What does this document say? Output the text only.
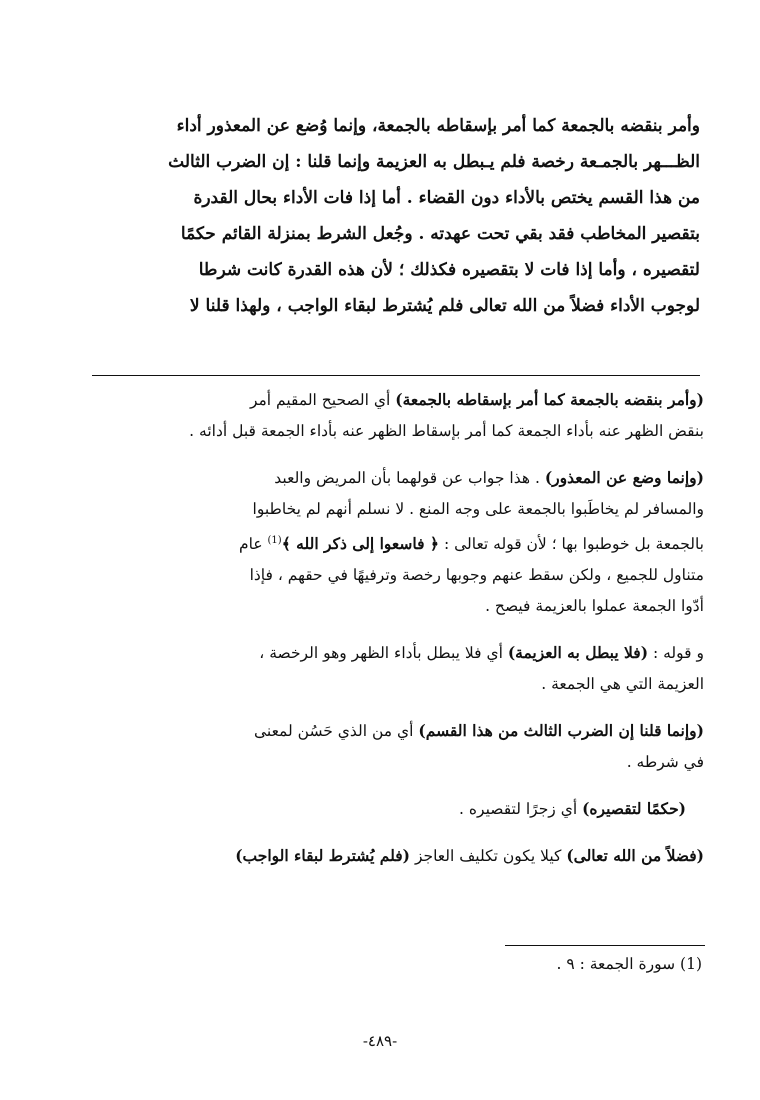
وأمر بنقضه بالجمعة كما أمر بإسقاطه بالجمعة، وإنما وُضع عن المعذور أداء
الظـــهر بالجمـعة رخصة فلم يـبطل به العزيمة وإنما قلنا : إن الضرب الثالث
من هذا القسم يختص بالأداء دون القضاء . أما إذا فات الأداء بحال القدرة
بتقصير المخاطب فقد بقي تحت عهدته . وجُعل الشرط بمنزلة القائم حكمًا
لتقصيره ، وأما إذا فات لا بتقصيره فكذلك ؛ لأن هذه القدرة كانت شرطا
لوجوب الأداء فضلاً من الله تعالى فلم يُشترط لبقاء الواجب ، ولهذا قلنا لا

(وأمر بنقضه بالجمعة كما أمر بإسقاطه بالجمعة) أي الصحيح المقيم أمر
بنقض الظهر عنه بأداء الجمعة كما أمر بإسقاط الظهر عنه بأداء الجمعة قبل أدائه .

(وإنما وضع عن المعذور) . هذا جواب عن قولهما بأن المريض والعبد
والمسافر لم يخاطَبوا بالجمعة على وجه المنع . لا نسلم أنهم لم يخاطبوا
بالجمعة بل خوطبوا بها ؛ لأن قوله تعالى : ﴿ فاسعوا إلى ذكر الله ﴾$^{(1)}$ عام
متناول للجميع ، ولكن سقط عنهم وجوبها رخصة وترفيهًا في حقهم ، فإذا
أدّوا الجمعة عملوا بالعزيمة فيصح .

و قوله : (فلا يبطل به العزيمة) أي فلا يبطل بأداء الظهر وهو الرخصة ،
العزيمة التي هي الجمعة .

(وإنما قلنا إن الضرب الثالث من هذا القسم) أي من الذي حَسُن لمعنى
في شرطه .

(حكمًا لتقصيره) أي زجرًا لتقصيره .

(فضلاً من الله تعالى) كيلا يكون تكليف العاجز (فلم يُشترط لبقاء الواجب)

(1) سورة الجمعة : ٩ .
-٤٨٩-
